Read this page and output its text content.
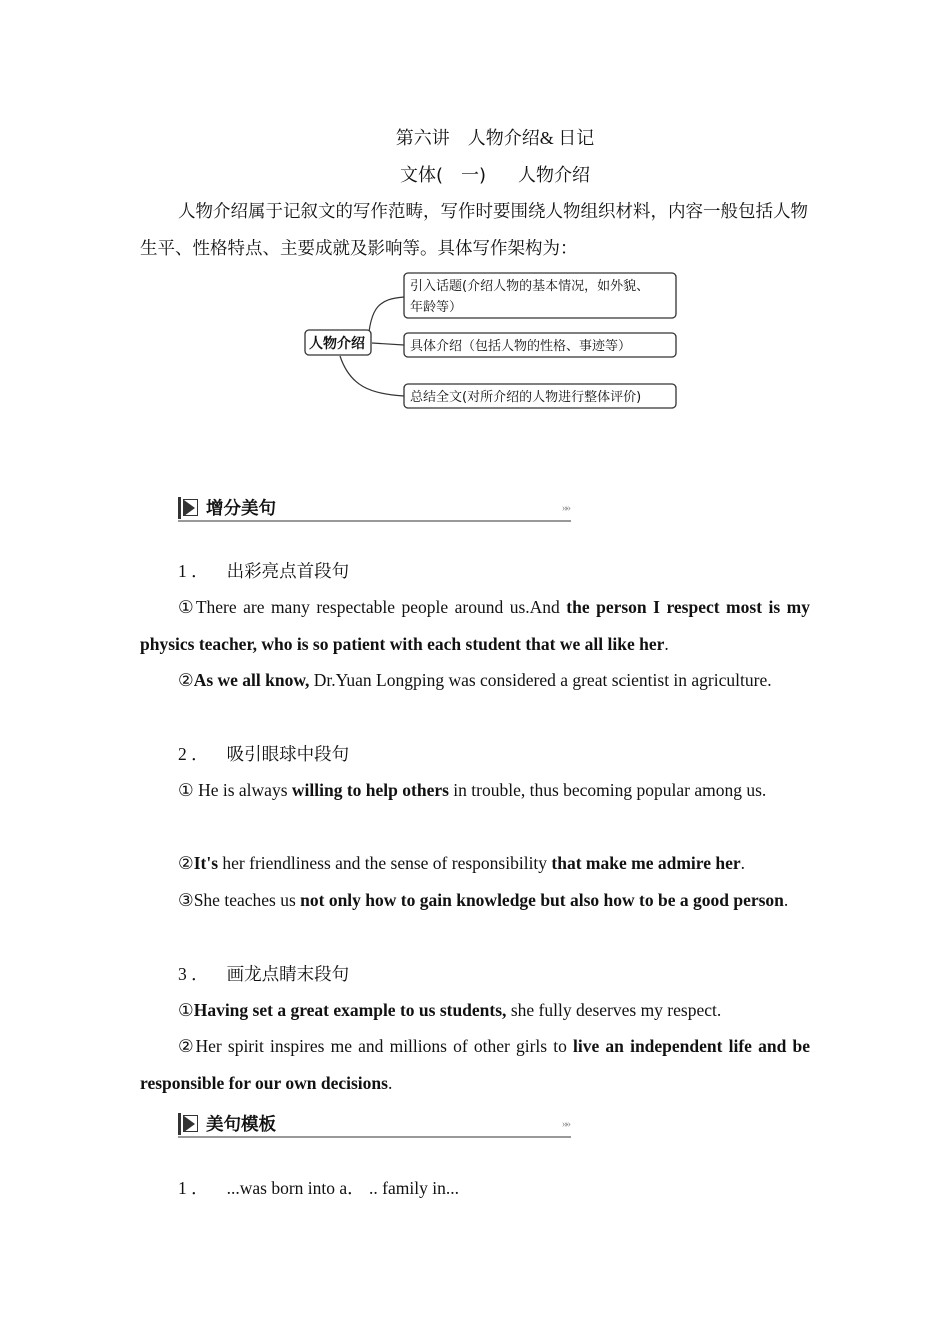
第六讲　人物介绍& 日记
文体(　一) 人物介绍
人物介绍属于记叙文的写作范畴，写作时要围绕人物组织材料，内容一般包括人物生平、性格特点、主要成就及影响等。具体写作架构为：
人物介绍
引入话题(介绍人物的基本情况，如外貌、
年龄等）
具体介绍（包括人物的性格、事迹等）
总结全文(对所介绍的人物进行整体评价)
增分美句	»»
1 ． 出彩亮点首段句
①There are many respectable people around us.And the person I respect most is my physics teacher, who is so patient with each student that we all like her.
②As we all know, Dr.Yuan Longping was considered a great scientist in agriculture.
2 ． 吸引眼球中段句
① He is always willing to help others in trouble, thus becoming popular among us.
②It's her friendliness and the sense of responsibility that make me admire her.
③She teaches us not only how to gain knowledge but also how to be a good person.
3 ． 画龙点睛末段句
①Having set a great example to us students, she fully deserves my respect.
②Her spirit inspires me and millions of other girls to live an independent life and be responsible for our own decisions.
美句模板	»»
1 ． ...was born into a． .. family in...
